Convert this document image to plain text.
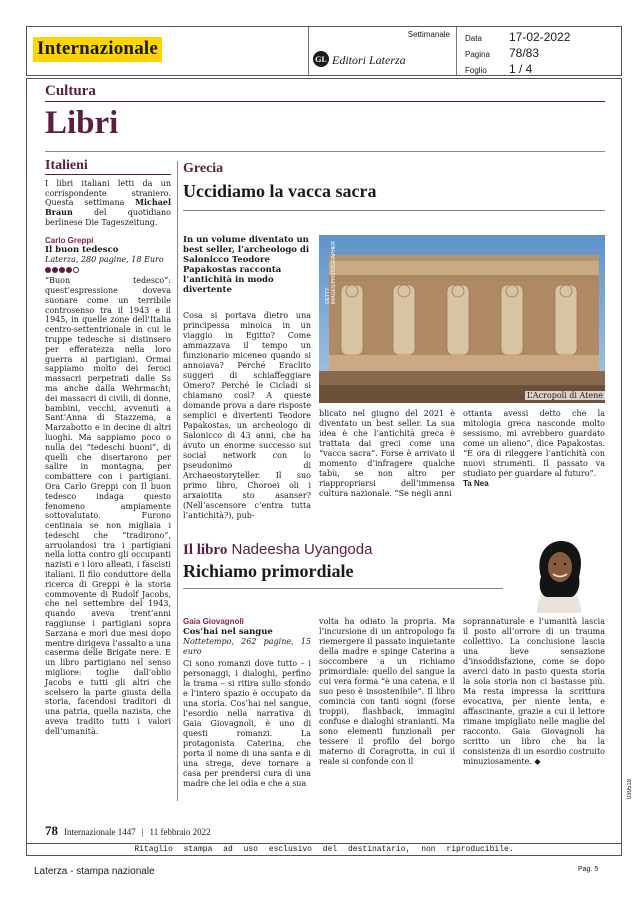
Internazionale
Settimanale
GL Editori Laterza
Data	17-02-2022
Pagina	78/83
Foglio	1 / 4
Cultura
Libri
Italieni

I libri italiani letti da un corrispondente straniero. Questa settimana Michael Braun	del quotidiano berlinese Die Tageszeitung.

Carlo Greppi
Il buon tedesco
Laterza, 280 pagine, 18 Euro

“Buon tedesco”: quest’espressione doveva suonare come un terribile controsenso tra il 1943 e il 1945, in quelle zone dell’Italia centro-settentrionale in cui le truppe tedesche si distinsero per efferatezza nella loro guerra ai partigiani. Ormai sappiamo molto dei feroci massacri perpetrati dalle Ss ma anche dalla Wehrmacht; dei massacri di civili, di donne, bambini, vecchi, avvenuti a Sant’Anna di Stazzema, a Marzabotto e in decine di altri luoghi. Ma sappiamo poco o nulla dei “tedeschi buoni”, di quelli che disertarono per salire in montagna, per combattere con i partigiani. Ora Carlo Greppi con Il buon tedesco indaga questo fenomeno ampiamente sottovalutato. Furono centinaia se non migliaia i tedeschi che “tradirono”, arruolandosi tra i partigiani nella lotta contro gli occupanti nazisti e i loro alleati, i fascisti italiani. Il filo conduttore della ricerca di Greppi è la storia commovente di Rudolf Jacobs, che nel settembre del 1943, quando aveva trent’anni raggiunse i partigiani sopra Sarzana e morì due mesi dopo mentre dirigeva l’assalto a una caserma delle Brigate nere. E un libro partigiano nel senso migliore: toglie dall’oblio Jacobs e tutti gli altri che scelsero la parte giusta della storia, facendosi traditori di una patria, quella nazista, che aveva tradito tutti i valori dell’umanità.

Grecia
Uccidiamo la vacca sacra
In un volume diventato un best seller, l’archeologo di Salonicco Teodore Papakostas racconta l’antichità in modo divertente
Cosa si portava dietro una principessa minoica in un viaggio in Egitto? Come ammazzava il tempo un funzionario miceneo quando si annoiava? Perché Eraclito suggerì di schiaffeggiare Omero? Perché le Cicladi si chiamano così? A queste domande prova a dare risposte semplici e divertenti Teodore Papakostas, un archeologo di Salonicco di 43 anni, che ha avuto un enorme successo sui social network con lo pseudonimo di Archaeostoryteller. Il suo primo libro, Choroei oli i arxaiotita sto asanser? (Nell’ascensore c’entra tutta l’antichità?), pub-
GETTY IMAGES/PHOTOGRAPHER
L’Acropoli di Atene
blicato nel giugno del 2021 è diventato un best seller. La sua idea è che l’antichità greca è trattata dai greci come una “vacca sacra”. Forse è arrivato il momento d’infragere qualche tabù, se non altro per riappropriarsi dell’immensa cultura nazionale. “Se negli anni
ottanta avessi detto che la mitologia greca nasconde molto sessismo, mi avrebbero guardato come un alieno”, dice Papakostas. “È ora di rileggere l’antichità con nuovi strumenti. Il passato va studiato per guardare al futuro”.
Ta Nea
Il libro Nadeesha Uyangoda
Richiamo primordiale
Gaia Giovagnoli
Cos’hai nel sangue
Nottetempo, 262 pagine, 15 euro

Ci sono romanzi dove tutto – i personaggi, i dialoghi, perfino la trama – si ritira sullo sfondo e l’intero spazio è occupato da una storia. Cos’hai nel sangue, l’esordio nella narrativa di Gaia Giovagnoli, è uno di questi romanzi. La protagonista Caterina, che porta il nome di una santa e di una strega, deve tornare a casa per prendersi cura di una madre che lei odia e che a sua

volta ha odiato la propria. Ma l’incursione di un antropologo fa riemergere il passato inquietante della madre e spinge Caterina a soccombere a un richiamo primordiale: quello del sangue la cui vera forma “è una catena, e il suo peso è insostenibile”. Il libro comincia con tanti sogni (forse troppi), flashback, immagini confuse e dialoghi stranianti. Ma sono elementi funzionali per tessere il profilo del borgo materno di Coragrotta, in cui il reale si confonde con il
soprannaturale e l’umanità lascia il posto all’orrore di un trauma collettivo. La conclusione lascia una lieve sensazione d’insoddisfazione, come se dopo averci dato in pasto questa storia la sola storia non ci bastasse più. Ma resta impressa la scrittura evocativa, per niente lenta, e affascinante, grazie a cui il lettore rimane impigliato nelle maglie del racconto. Gaia Giovagnoli ha scritto un libro che ha la consistenza di un esordio costruito minuziosamente. ◆
78 Internazionale 1447 | 11 febbraio 2022
039518
Ritaglio stampa ad uso esclusivo del destinatario, non riproducibile.
Laterza - stampa nazionale	Pag. 5
